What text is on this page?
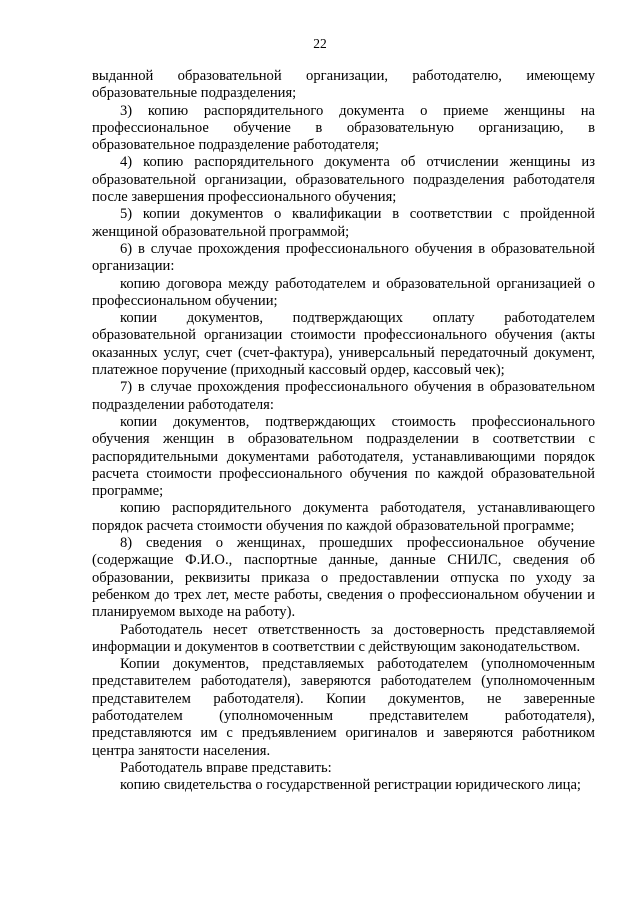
22

выданной образовательной организации, работодателю, имеющему образовательные подразделения;

3) копию распорядительного документа о приеме женщины на профессиональное обучение в образовательную организацию, в образовательное подразделение работодателя;

4) копию распорядительного документа об отчислении женщины из образовательной организации, образовательного подразделения работодателя после завершения профессионального обучения;

5) копии документов о квалификации в соответствии с пройденной женщиной образовательной программой;

6) в случае прохождения профессионального обучения в образовательной организации:

копию договора между работодателем и образовательной организацией о профессиональном обучении;

копии документов, подтверждающих оплату работодателем образовательной организации стоимости профессионального обучения (акты оказанных услуг, счет (счет-фактура), универсальный передаточный документ, платежное поручение (приходный кассовый ордер, кассовый чек);

7) в случае прохождения профессионального обучения в образовательном подразделении работодателя:

копии документов, подтверждающих стоимость профессионального обучения женщин в образовательном подразделении в соответствии с распорядительными документами работодателя, устанавливающими порядок расчета стоимости профессионального обучения по каждой образовательной программе;

копию распорядительного документа работодателя, устанавливающего порядок расчета стоимости обучения по каждой образовательной программе;

8) сведения о женщинах, прошедших профессиональное обучение (содержащие Ф.И.О., паспортные данные, данные СНИЛС, сведения об образовании, реквизиты приказа о предоставлении отпуска по уходу за ребенком до трех лет, месте работы, сведения о профессиональном обучении и планируемом выходе на работу).

Работодатель несет ответственность за достоверность представляемой информации и документов в соответствии с действующим законодательством.

Копии документов, представляемых работодателем (уполномоченным представителем работодателя), заверяются работодателем (уполномоченным представителем работодателя). Копии документов, не заверенные работодателем (уполномоченным представителем работодателя), представляются им с предъявлением оригиналов и заверяются работником центра занятости населения.

Работодатель вправе представить:

копию свидетельства о государственной регистрации юридического лица;
